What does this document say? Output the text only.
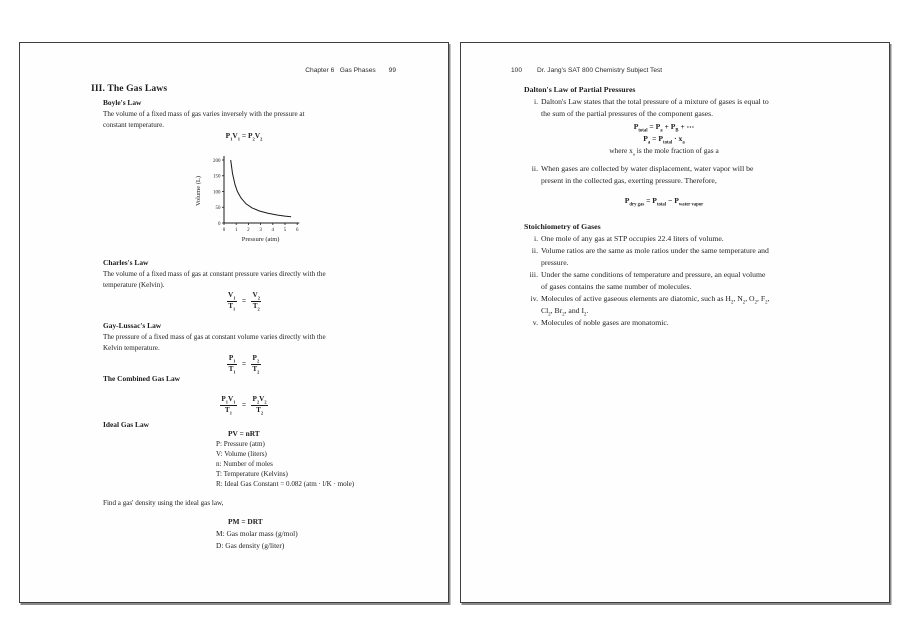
Chapter 6   Gas Phases 99
III. The Gas Laws
Boyle's Law
The volume of a fixed mass of gas varies inversely with the pressure at
constant temperature.
$P_1V_1 = P_2V_2$
0 1 2 3 4 5 6
0
50
100
150
200
Pressure (atm)
Volume (L)
Charles's Law
The volume of a fixed mass of gas at constant pressure varies directly with the
temperature (Kelvin).
$\frac{V_1}{T_1} = \frac{V_2}{T_2}$
Gay-Lussac's Law
The pressure of a fixed mass of gas at constant volume varies directly with the
Kelvin temperature.
$\frac{P_1}{T_1} = \frac{P_2}{T_2}$
The Combined Gas Law
$\frac{P_1V_1}{T_1} = \frac{P_2V_2}{T_2}$
Ideal Gas Law
PV = nRT
P: Pressure (atm)
V: Volume (liters)
n: Number of moles
T: Temperature (Kelvins)
R: Ideal Gas Constant = 0.082 (atm · l/K · mole)
Find a gas' density using the ideal gas law,
PM = DRT
M: Gas molar mass (g/mol)
D: Gas density (g/liter)
100 Dr. Jang's SAT 800 Chemistry Subject Test
Dalton's Law of Partial Pressures
i. Dalton's Law states that the total pressure of a mixture of gases is equal to
the sum of the partial pressures of the component gases.
$P_{total} = P_a + P_B$ + ⋯
$P_a = P_{total} \cdot x_a$
where $x_a$ is the mole fraction of gas a
ii. When gases are collected by water displacement, water vapor will be
present in the collected gas, exerting pressure. Therefore,
$P_{dry gas} = P_{total} - P_{water vapor}$
Stoichiometry of Gases
i. One mole of any gas at STP occupies 22.4 liters of volume.
ii. Volume ratios are the same as mole ratios under the same temperature and
pressure.
iii. Under the same conditions of temperature and pressure, an equal volume
of gases contains the same number of molecules.
iv. Molecules of active gaseous elements are diatomic, such as $H_2$, $N_2$, $O_2$, $F_2$,
$Cl_2$, $Br_2$, and $I_2$.
v. Molecules of noble gases are monatomic.
